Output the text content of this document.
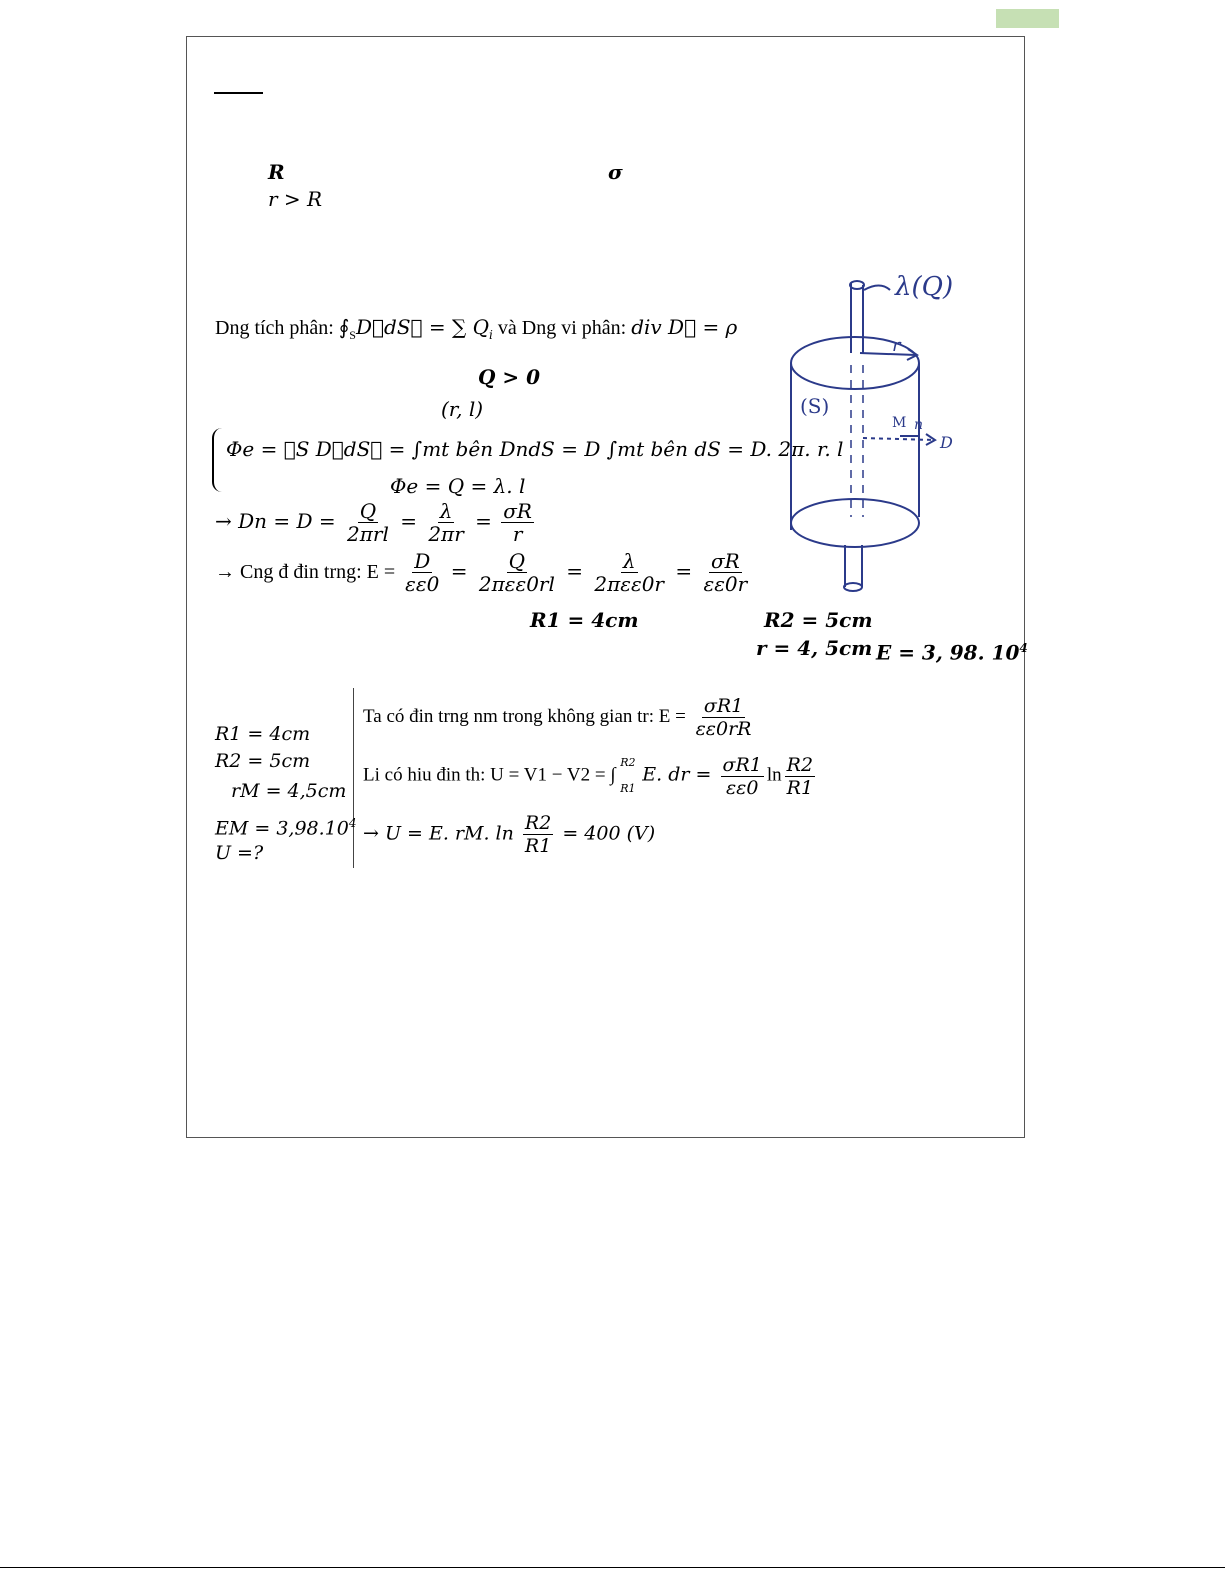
R	σ
r > R
Dng tích phân: $∮_SD⃗dS⃗$ = ∑ $Q_i$ và Dng vi phân: div D⃗ = ρ
Q > 0
(r, l)
Φe = ∮S D⃗dS⃗ = ∫mt bên DndS = D ∫mt bên dS = D. 2π. r. l
Φe = Q = λ. l
→ $Dn = D = \frac{Q}{\text{2πrl}} = \frac{\lambda}{2\pi r} = \frac{\sigma R}{r}$
→ Cng đ đin trng: $E = \frac{D}{\varepsilon\varepsilon 0} = \frac{Q}{\text{2πεε0rl}} = \frac{\lambda}{\text{2πεε0r}} = \frac{\sigma R}{\varepsilon\varepsilon 0r}$
R1 = 4cm	R2 = 5cm
r = 4, 5cm E = 3, 98. $10^4$
R1 = 4cm
R2 = 5cm
rM = 4,5cm
EM = $3,98.10^4$
U =?
Ta có đin trng nm trong không gian tr: $E = \frac{\sigma R1}{\varepsilon\varepsilon 0rR}$
Li có hiu đin th: U = V1 − V2 = ∫
R2
R1
E. dr = $\frac{\sigma R1}{\varepsilon\varepsilon 0}$ $\ln \frac{R2}{R1}$
→ U = E. rM. $\ln \frac{R2}{R1} = 400$ (V)
λ(Q)
r
(S)
M n
D
